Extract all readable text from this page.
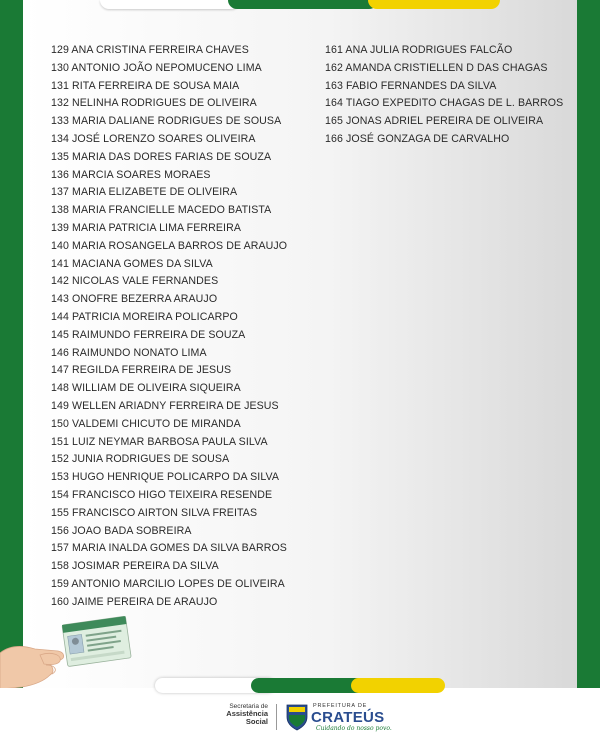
129 ANA CRISTINA FERREIRA CHAVES
130 ANTONIO JOÃO NEPOMUCENO LIMA
131 RITA FERREIRA DE SOUSA MAIA
132 NELINHA RODRIGUES DE OLIVEIRA
133 MARIA DALIANE RODRIGUES DE SOUSA
134 JOSÉ LORENZO SOARES OLIVEIRA
135 MARIA DAS DORES FARIAS DE SOUZA
136 MARCIA SOARES MORAES
137 MARIA ELIZABETE DE OLIVEIRA
138 MARIA FRANCIELLE MACEDO BATISTA
139 MARIA PATRICIA LIMA FERREIRA
140 MARIA ROSANGELA BARROS DE ARAUJO
141 MACIANA GOMES DA SILVA
142 NICOLAS VALE FERNANDES
143 ONOFRE BEZERRA ARAUJO
144 PATRICIA MOREIRA POLICARPO
145 RAIMUNDO FERREIRA DE SOUZA
146 RAIMUNDO NONATO LIMA
147 REGILDA FERREIRA DE JESUS
148 WILLIAM DE OLIVEIRA SIQUEIRA
149 WELLEN ARIADNY FERREIRA DE JESUS
150 VALDEMI CHICUTO DE MIRANDA
151 LUIZ NEYMAR BARBOSA PAULA SILVA
152 JUNIA RODRIGUES DE SOUSA
153 HUGO HENRIQUE POLICARPO DA SILVA
154 FRANCISCO HIGO TEIXEIRA RESENDE
155 FRANCISCO AIRTON SILVA FREITAS
156 JOAO BADA SOBREIRA
157 MARIA INALDA GOMES DA SILVA BARROS
158 JOSIMAR PEREIRA DA SILVA
159 ANTONIO MARCILIO LOPES DE OLIVEIRA
160 JAIME PEREIRA DE ARAUJO
161 ANA JULIA RODRIGUES FALCÃO
162 AMANDA CRISTIELLEN D DAS CHAGAS
163 FABIO FERNANDES DA SILVA
164 TIAGO EXPEDITO CHAGAS DE L. BARROS
165 JONAS ADRIEL PEREIRA DE OLIVEIRA
166 JOSÉ GONZAGA DE CARVALHO
Secretaria de
Assistência
Social
PREFEITURA DE
CRATEÚS
Cuidando do nosso povo.
